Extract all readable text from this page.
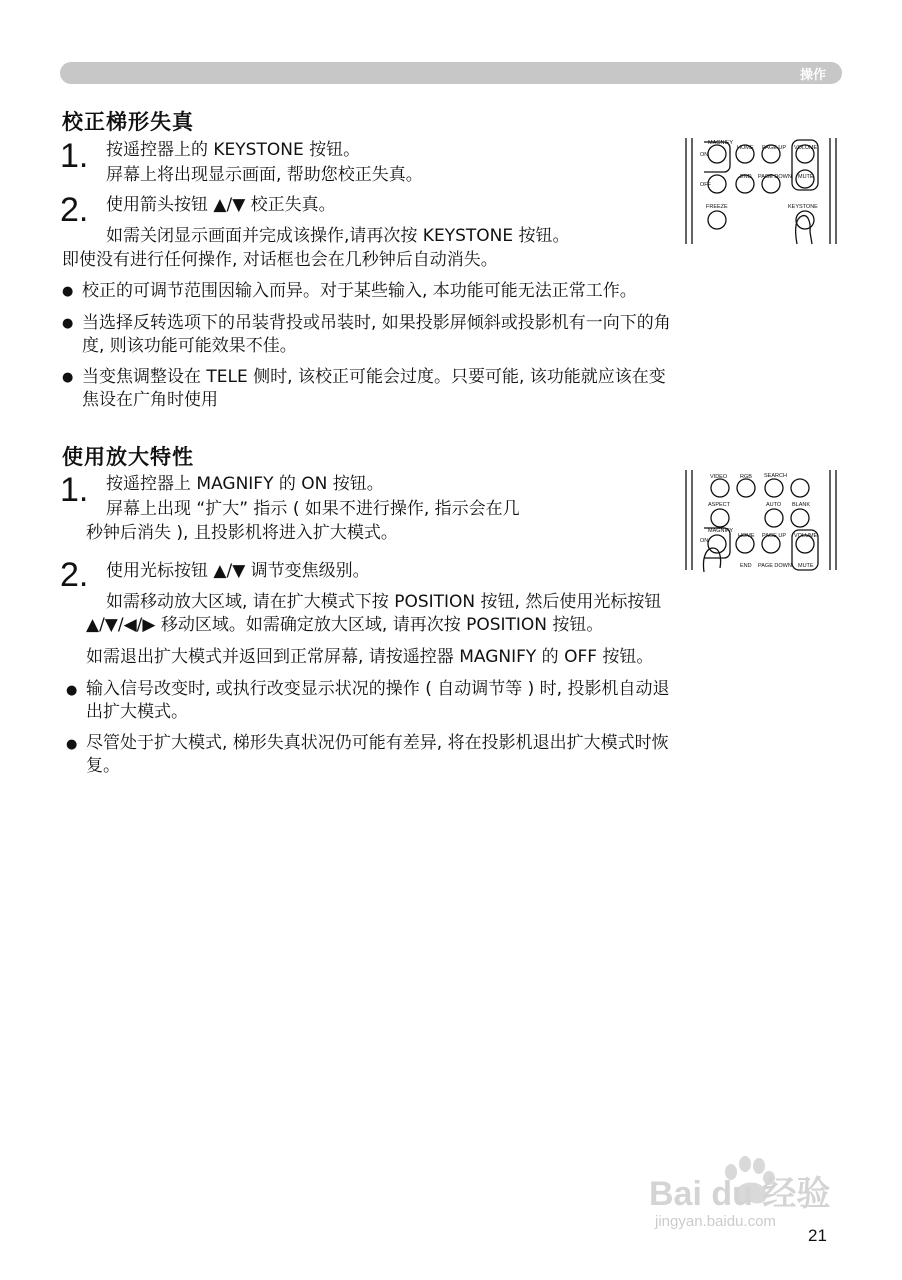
操作
校正梯形失真
1. 按遥控器上的 KEYSTONE 按钮。
屏幕上将出现显示画面, 帮助您校正失真。
2. 使用箭头按钮 ▲/▼ 校正失真。
如需关闭显示画面并完成该操作,请再次按 KEYSTONE 按钮。
即使没有进行任何操作, 对话框也会在几秒钟后自动消失。
● 校正的可调节范围因输入而异。对于某些输入, 本功能可能无法正常工作。
● 当选择反转选项下的吊装背投或吊装时, 如果投影屏倾斜或投影机有一向下的角
度, 则该功能可能效果不佳。
● 当变焦调整设在 TELE 侧时, 该校正可能会过度。只要可能, 该功能就应该在变
焦设在广角时使用
MAGNIFY
ON
OFF
HOME PAGE UP VOLUME
END PAGE DOWN MUTE
FREEZE	KEYSTONE
使用放大特性
1. 按遥控器上 MAGNIFY 的 ON 按钮。
屏幕上出现 “扩大” 指示 ( 如果不进行操作, 指示会在几
秒钟后消失 ), 且投影机将进入扩大模式。
2. 使用光标按钮 ▲/▼ 调节变焦级别。
如需移动放大区域, 请在扩大模式下按 POSITION 按钮, 然后使用光标按钮
▲/▼/◀/▶ 移动区域。如需确定放大区域, 请再次按 POSITION 按钮。
如需退出扩大模式并返回到正常屏幕, 请按遥控器 MAGNIFY 的 OFF 按钮。
● 输入信号改变时, 或执行改变显示状况的操作 ( 自动调节等 ) 时, 投影机自动退
出扩大模式。
● 尽管处于扩大模式, 梯形失真状况仍可能有差异, 将在投影机退出扩大模式时恢
复。
VIDEO RGB SEARCH
ASPECT	AUTO BLANK
MAGNIFY
ON
HOME PAGE UP VOLUME
END PAGE DOWN MUTE
Bai du 经验
jingyan.baidu.com
21
